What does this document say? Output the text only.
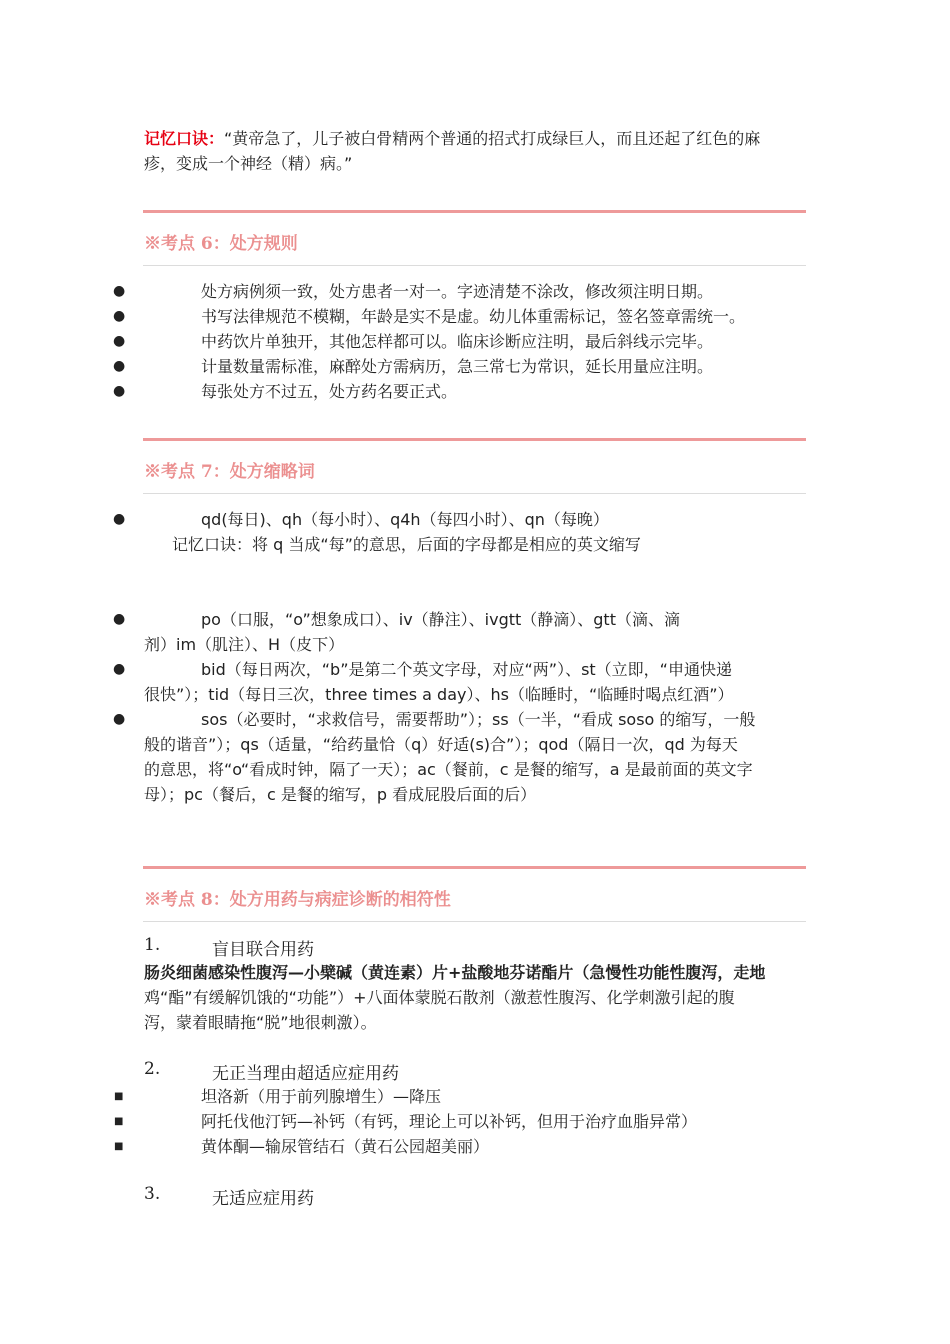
记忆口诀：“黄帝急了，儿子被白骨精两个普通的招式打成绿巨人，而且还起了红色的麻
疹，变成一个神经（精）病。”
※考点 6：处方规则
●	处方病例须一致，处方患者一对一。字迹清楚不涂改，修改须注明日期。
●	书写法律规范不模糊，年龄是实不是虚。幼儿体重需标记，签名签章需统一。
●	中药饮片单独开，其他怎样都可以。临床诊断应注明，最后斜线示完毕。
●	计量数量需标准，麻醉处方需病历，急三常七为常识，延长用量应注明。
●	每张处方不过五，处方药名要正式。
※考点 7：处方缩略词
●	qd(每日)、qh（每小时）、q4h（每四小时）、qn（每晚）
记忆口诀：将 q 当成“每”的意思，后面的字母都是相应的英文缩写
●	po（口服，“o”想象成口）、iv（静注）、ivgtt（静滴）、gtt（滴、滴
剂）im（肌注）、H（皮下）
●	bid（每日两次，“b”是第二个英文字母，对应“两”）、st（立即，“申通快递
很快”）；tid（每日三次，three times a day）、hs（临睡时，“临睡时喝点红酒”）
●	sos（必要时，“求救信号，需要帮助”）；ss（一半，“看成 soso 的缩写，一般
般的谐音”）；qs（适量，“给药量恰（q）好适(s)合”）；qod（隔日一次，qd 为每天
的意思，将“o“看成时钟，隔了一天）；ac（餐前，c 是餐的缩写，a 是最前面的英文字
母）；pc（餐后，c 是餐的缩写，p 看成屁股后面的后）
※考点 8：处方用药与病症诊断的相符性
1.	盲目联合用药
肠炎细菌感染性腹泻—小檗碱（黄连素）片+盐酸地芬诺酯片（急慢性功能性腹泻，走地
鸡“酯”有缓解饥饿的“功能”）+八面体蒙脱石散剂（激惹性腹泻、化学刺激引起的腹
泻，蒙着眼睛拖“脱”地很刺激）。
2.	无正当理由超适应症用药
■	坦洛新（用于前列腺增生）—降压
■	阿托伐他汀钙—补钙（有钙，理论上可以补钙，但用于治疗血脂异常）
■	黄体酮—输尿管结石（黄石公园超美丽）
3.	无适应症用药
